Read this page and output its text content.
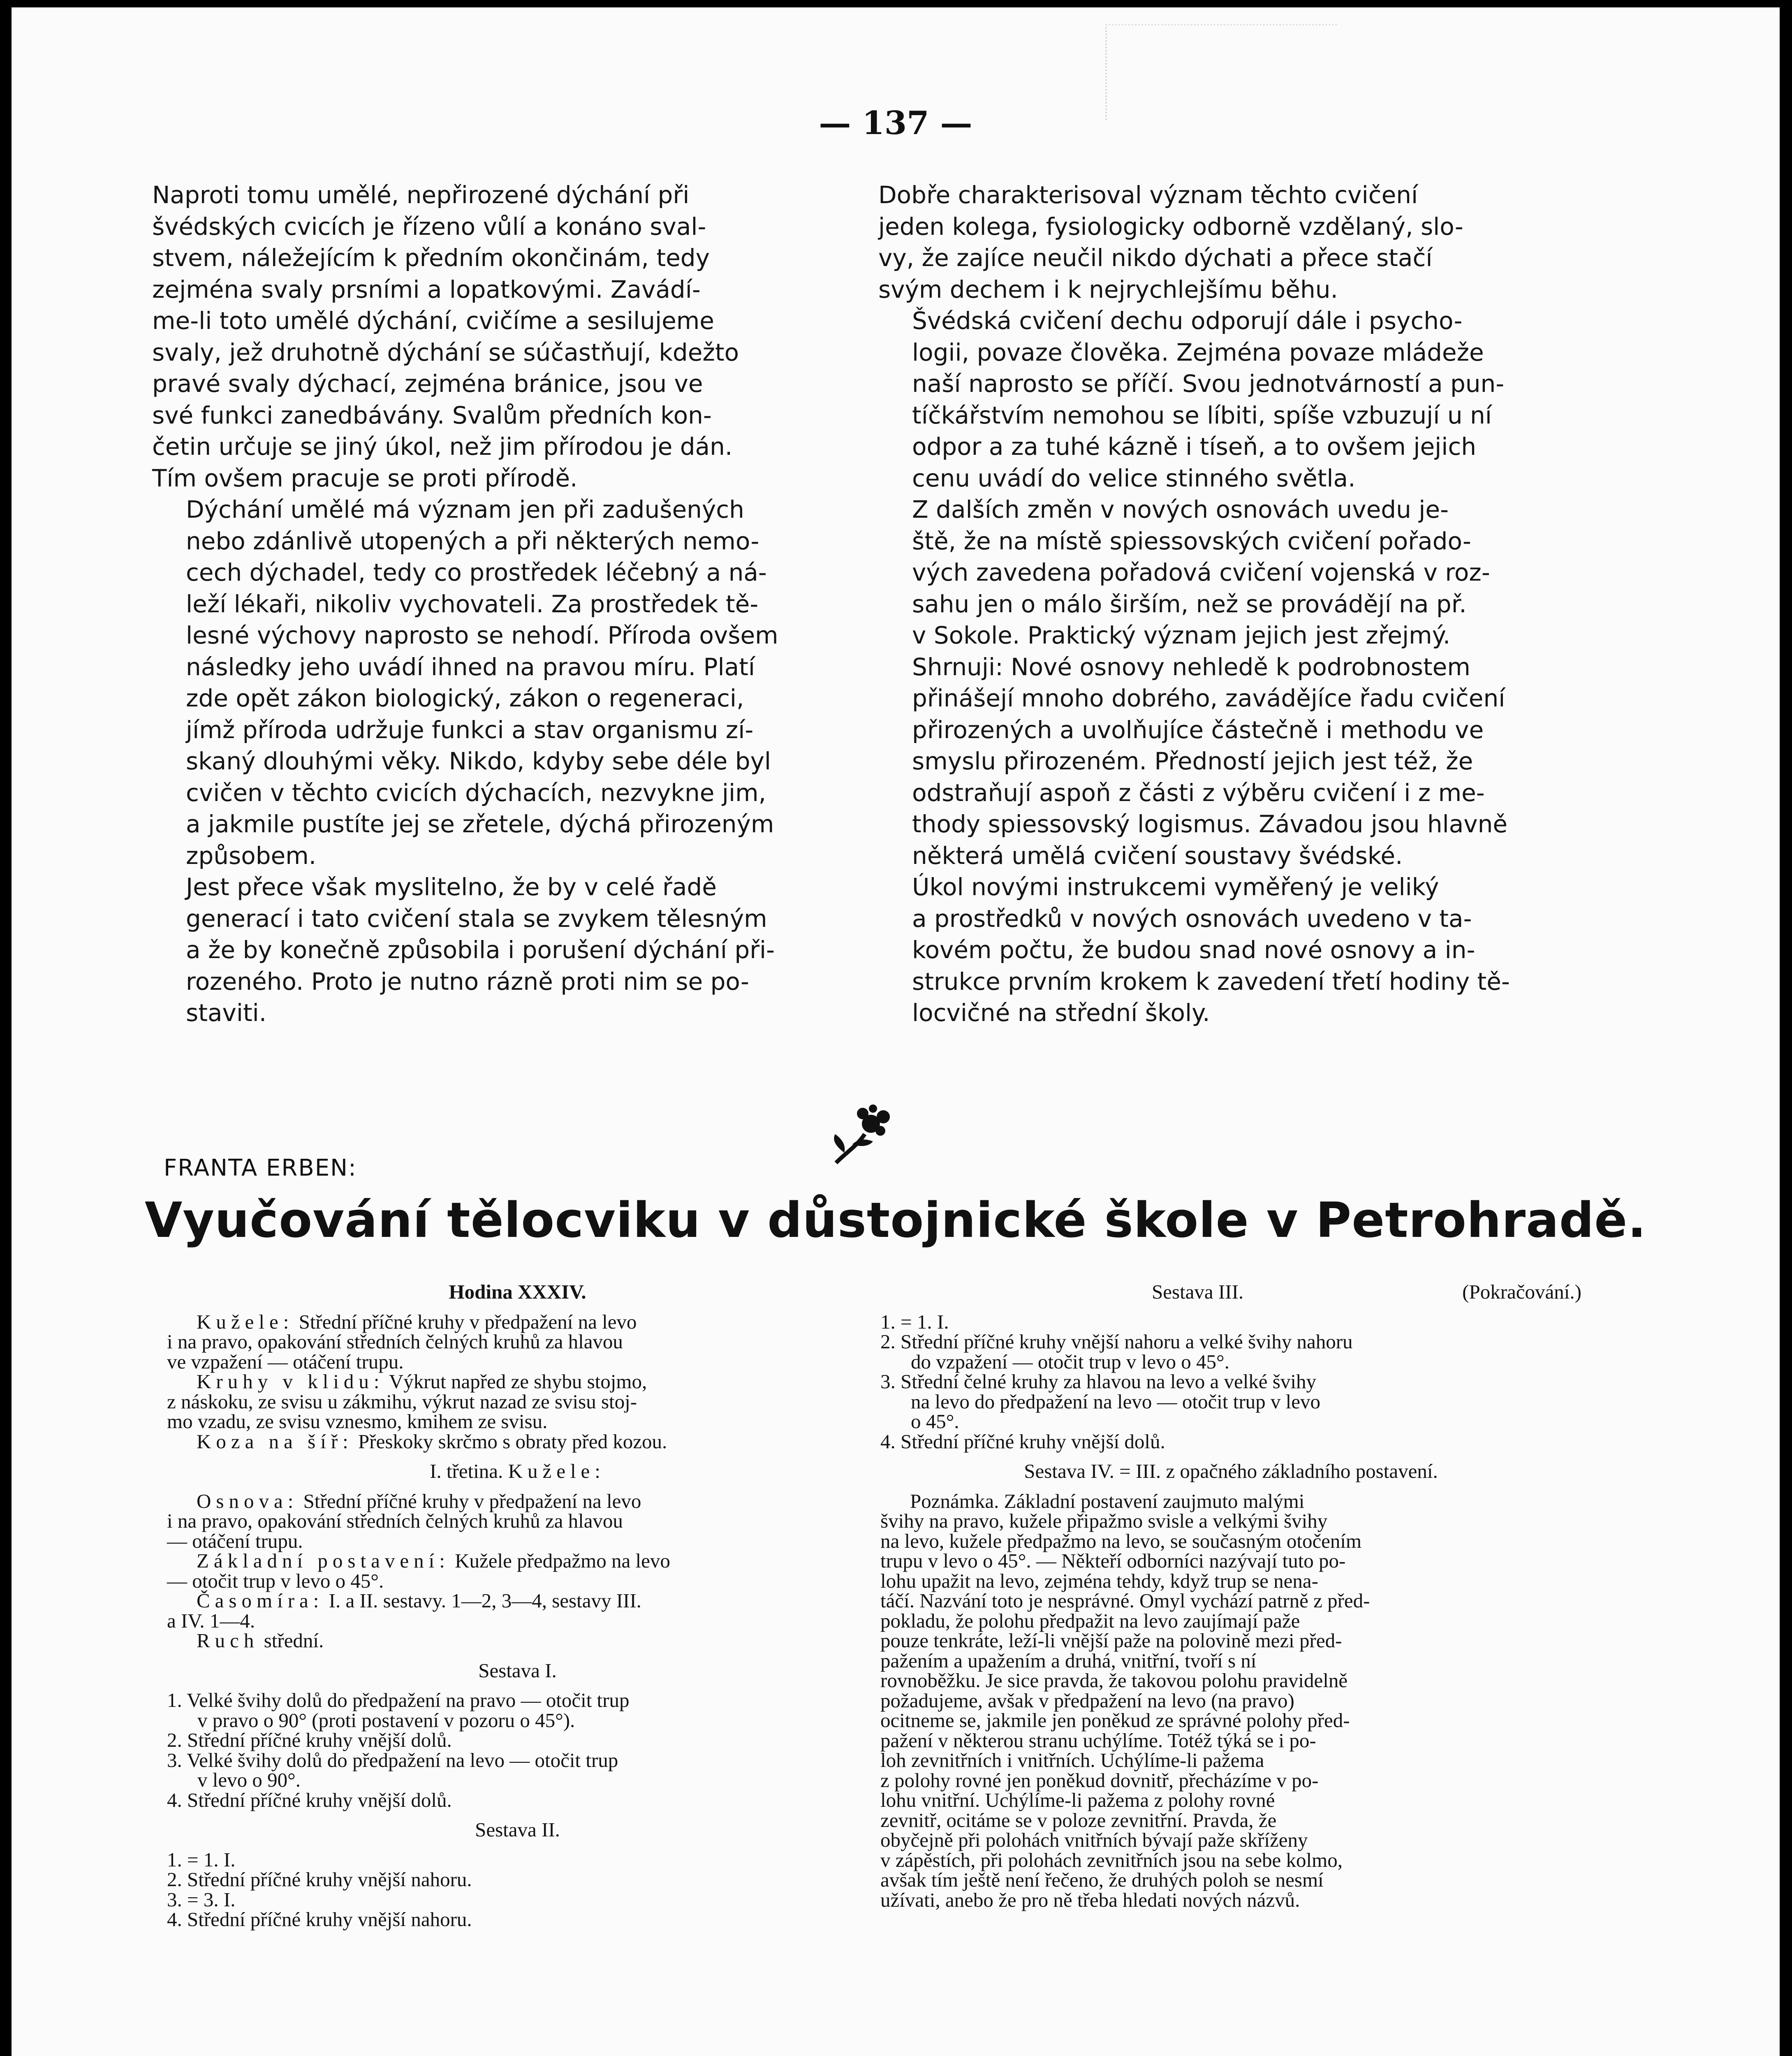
— 137 —

Naproti tomu umělé, nepřirozené dýchání při
švédských cvicích je řízeno vůlí a konáno sval-
stvem, náležejícím k předním okončinám, tedy
zejména svaly prsními a lopatkovými. Zavádí-
me-li toto umělé dýchání, cvičíme a sesilujeme
svaly, jež druhotně dýchání se súčastňují, kdežto
pravé svaly dýchací, zejména bránice, jsou ve
své funkci zanedbávány. Svalům předních kon-
četin určuje se jiný úkol, než jim přírodou je dán.
Tím ovšem pracuje se proti přírodě.

Dýchání umělé má význam jen při zadušených
nebo zdánlivě utopených a při některých nemo-
cech dýchadel, tedy co prostředek léčebný a ná-
leží lékaři, nikoliv vychovateli. Za prostředek tě-
lesné výchovy naprosto se nehodí. Příroda ovšem
následky jeho uvádí ihned na pravou míru. Platí
zde opět zákon biologický, zákon o regeneraci,
jímž příroda udržuje funkci a stav organismu zí-
skaný dlouhými věky. Nikdo, kdyby sebe déle byl
cvičen v těchto cvicích dýchacích, nezvykne jim,
a jakmile pustíte jej se zřetele, dýchá přirozeným
způsobem.

Jest přece však myslitelno, že by v celé řadě
generací i tato cvičení stala se zvykem tělesným
a že by konečně způsobila i porušení dýchání při-
rozeného. Proto je nutno rázně proti nim se po-
staviti.

Dobře charakterisoval význam těchto cvičení
jeden kolega, fysiologicky odborně vzdělaný, slo-
vy, že zajíce neučil nikdo dýchati a přece stačí
svým dechem i k nejrychlejšímu běhu.

Švédská cvičení dechu odporují dále i psycho-
logii, povaze člověka. Zejména povaze mládeže
naší naprosto se příčí. Svou jednotvárností a pun-
tíčkářstvím nemohou se líbiti, spíše vzbuzují u ní
odpor a za tuhé kázně i tíseň, a to ovšem jejich
cenu uvádí do velice stinného světla.

Z dalších změn v nových osnovách uvedu je-
ště, že na místě spiessovských cvičení pořado-
vých zavedena pořadová cvičení vojenská v roz-
sahu jen o málo širším, než se provádějí na př.
v Sokole. Praktický význam jejich jest zřejmý.

Shrnuji: Nové osnovy nehledě k podrobnostem
přinášejí mnoho dobrého, zavádějíce řadu cvičení
přirozených a uvolňujíce částečně i methodu ve
smyslu přirozeném. Předností jejich jest též, že
odstraňují aspoň z části z výběru cvičení i z me-
thody spiessovský logismus. Závadou jsou hlavně
některá umělá cvičení soustavy švédské.

Úkol novými instrukcemi vyměřený je veliký
a prostředků v nových osnovách uvedeno v ta-
kovém počtu, že budou snad nové osnovy a in-
strukce prvním krokem k zavedení třetí hodiny tě-
locvičné na střední školy.

FRANTA ERBEN:
Vyučování tělocviku v důstojnické škole v Petrohradě.
Hodina XXXIV.
Kužele: Střední příčné kruhy v předpažení na levo
i na pravo, opakování středních čelných kruhů za hlavou
ve vzpažení — otáčení trupu.
Kruhy v klidu: Výkrut napřed ze shybu stojmo,
z náskoku, ze svisu u zákmihu, výkrut nazad ze svisu stoj-
mo vzadu, ze svisu vznesmo, kmihem ze svisu.
Koza na šíř: Přeskoky skrčmo s obraty před kozou.
I. třetina. Kužele:
Osnova: Střední příčné kruhy v předpažení na levo
i na pravo, opakování středních čelných kruhů za hlavou
— otáčení trupu.
Základní postavení: Kužele předpažmo na levo
— otočit trup v levo o 45°.
Časomíra: I. a II. sestavy. 1—2, 3—4, sestavy III.
a IV. 1—4.
Ruch střední.
Sestava I.
1. Velké švihy dolů do předpažení na pravo — otočit trup
v pravo o 90° (proti postavení v pozoru o 45°).
2. Střední příčné kruhy vnější dolů.
3. Velké švihy dolů do předpažení na levo — otočit trup
v levo o 90°.
4. Střední příčné kruhy vnější dolů.
Sestava II.
1. = 1. I.
2. Střední příčné kruhy vnější nahoru.
3. = 3. I.
4. Střední příčné kruhy vnější nahoru.
Sestava III.	(Pokračování.)

1. = 1. I.
2. Střední příčné kruhy vnější nahoru a velké švihy nahoru
do vzpažení — otočit trup v levo o 45°.
3. Střední čelné kruhy za hlavou na levo a velké švihy
na levo do předpažení na levo — otočit trup v levo
o 45°.
4. Střední příčné kruhy vnější dolů.
Sestava IV. = III. z opačného základního postavení.
Poznámka. Základní postavení zaujmuto malými
švihy na pravo, kužele připažmo svisle a velkými švihy
na levo, kužele předpažmo na levo, se současným otočením
trupu v levo o 45°. — Někteří odborníci nazývají tuto po-
lohu upažit na levo, zejména tehdy, když trup se nena-
táčí. Nazvání toto je nesprávné. Omyl vychází patrně z před-
pokladu, že polohu předpažit na levo zaujímají paže
pouze tenkráte, leží-li vnější paže na polovině mezi před-
pažením a upažením a druhá, vnitřní, tvoří s ní
rovnoběžku. Je sice pravda, že takovou polohu pravidelně
požadujeme, avšak v předpažení na levo (na pravo)
ocitneme se, jakmile jen poněkud ze správné polohy před-
pažení v některou stranu uchýlíme. Totéž týká se i po-
loh zevnitřních i vnitřních. Uchýlíme-li pažema
z polohy rovné jen poněkud dovnitř, přecházíme v po-
lohu vnitřní. Uchýlíme-li pažema z polohy rovné
zevnitř, ocitáme se v poloze zevnitřní. Pravda, že
obyčejně při polohách vnitřních bývají paže skříženy
v zápěstích, při polohách zevnitřních jsou na sebe kolmo,
avšak tím ještě není řečeno, že druhých poloh se nesmí
užívati, anebo že pro ně třeba hledati nových názvů.
